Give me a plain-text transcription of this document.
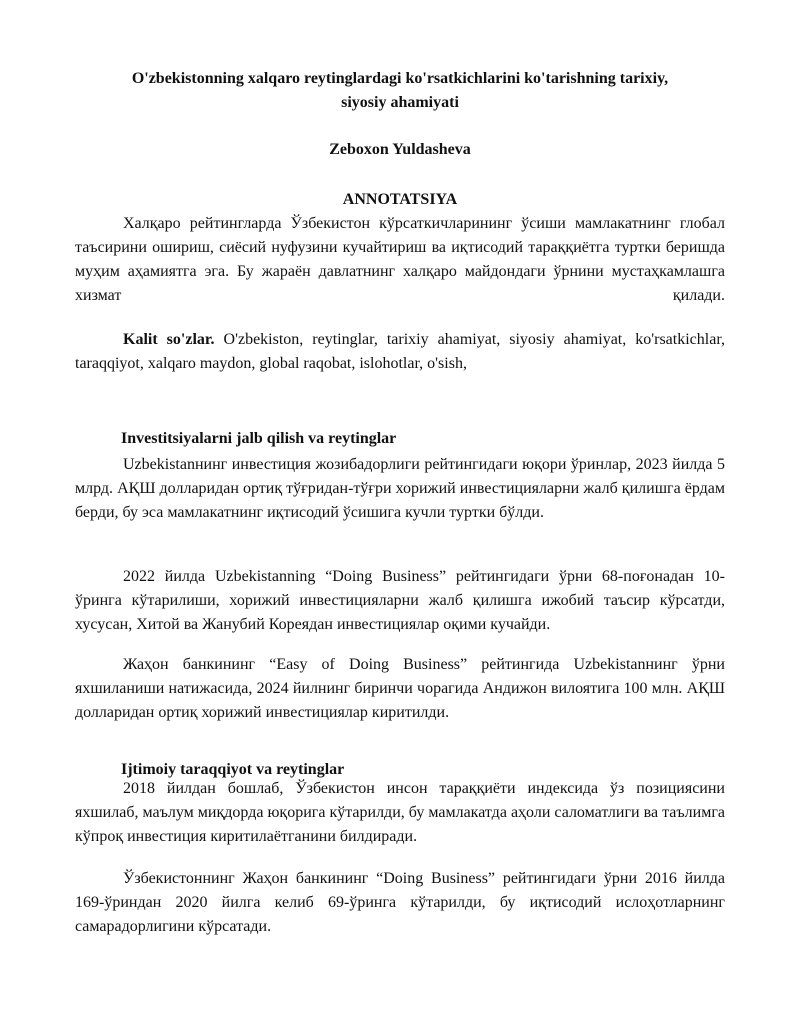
O'zbekistonning xalqaro reytinglardagi ko'rsatkichlarini ko'tarishning tarixiy,
siyosiy ahamiyati
Zeboxon Yuldasheva
ANNOTATSIYA

Халқаро рейтингларда Ўзбекистон кўрсаткичларининг ўсиши мамлакатнинг глобал таъсирини ошириш, сиёсий нуфузини кучайтириш ва иқтисодий тараққиётга туртки беришда муҳим аҳамиятга эга. Бу жараён давлатнинг халқаро майдондаги ўрнини мустаҳкамлашга хизмат қилади.

Kalit so'zlar. O'zbekiston, reytinglar, tarixiy ahamiyat, siyosiy ahamiyat, ko'rsatkichlar, taraqqiyot, xalqaro maydon, global raqobat, islohotlar, o'sish,

Investitsiyalarni jalb qilish va reytinglar

Uzbekistanнинг инвестиция жозибадорлиги рейтингидаги юқори ўринлар, 2023 йилда 5 млрд. АҚШ долларидан ортиқ тўғридан-тўғри хорижий инвестицияларни жалб қилишга ёрдам берди, бу эса мамлакатнинг иқтисодий ўсишига кучли туртки бўлди.

2022 йилда Uzbekistanning “Doing Business” рейтингидаги ўрни 68-поғонадан 10-ўринга кўтарилиши, хорижий инвестицияларни жалб қилишга ижобий таъсир кўрсатди, хусусан, Хитой ва Жанубий Кореядан инвестициялар оқими кучайди.

Жаҳон банкининг “Easy of Doing Business” рейтингида Uzbekistanнинг ўрни яхшиланиши натижасида, 2024 йилнинг биринчи чорагида Андижон вилоятига 100 млн. АҚШ долларидан ортиқ хорижий инвестициялар киритилди.

Ijtimoiy taraqqiyot va reytinglar

2018 йилдан бошлаб, Ўзбекистон инсон тараққиёти индексида ўз позициясини яхшилаб, маълум миқдорда юқорига кўтарилди, бу мамлакатда аҳоли саломатлиги ва таълимга кўпроқ инвестиция киритилаётганини билдиради.

Ўзбекистоннинг Жаҳон банкининг “Doing Business” рейтингидаги ўрни 2016 йилда 169-ўриндан 2020 йилга келиб 69-ўринга кўтарилди, бу иқтисодий ислоҳотларнинг самарадорлигини кўрсатади.
